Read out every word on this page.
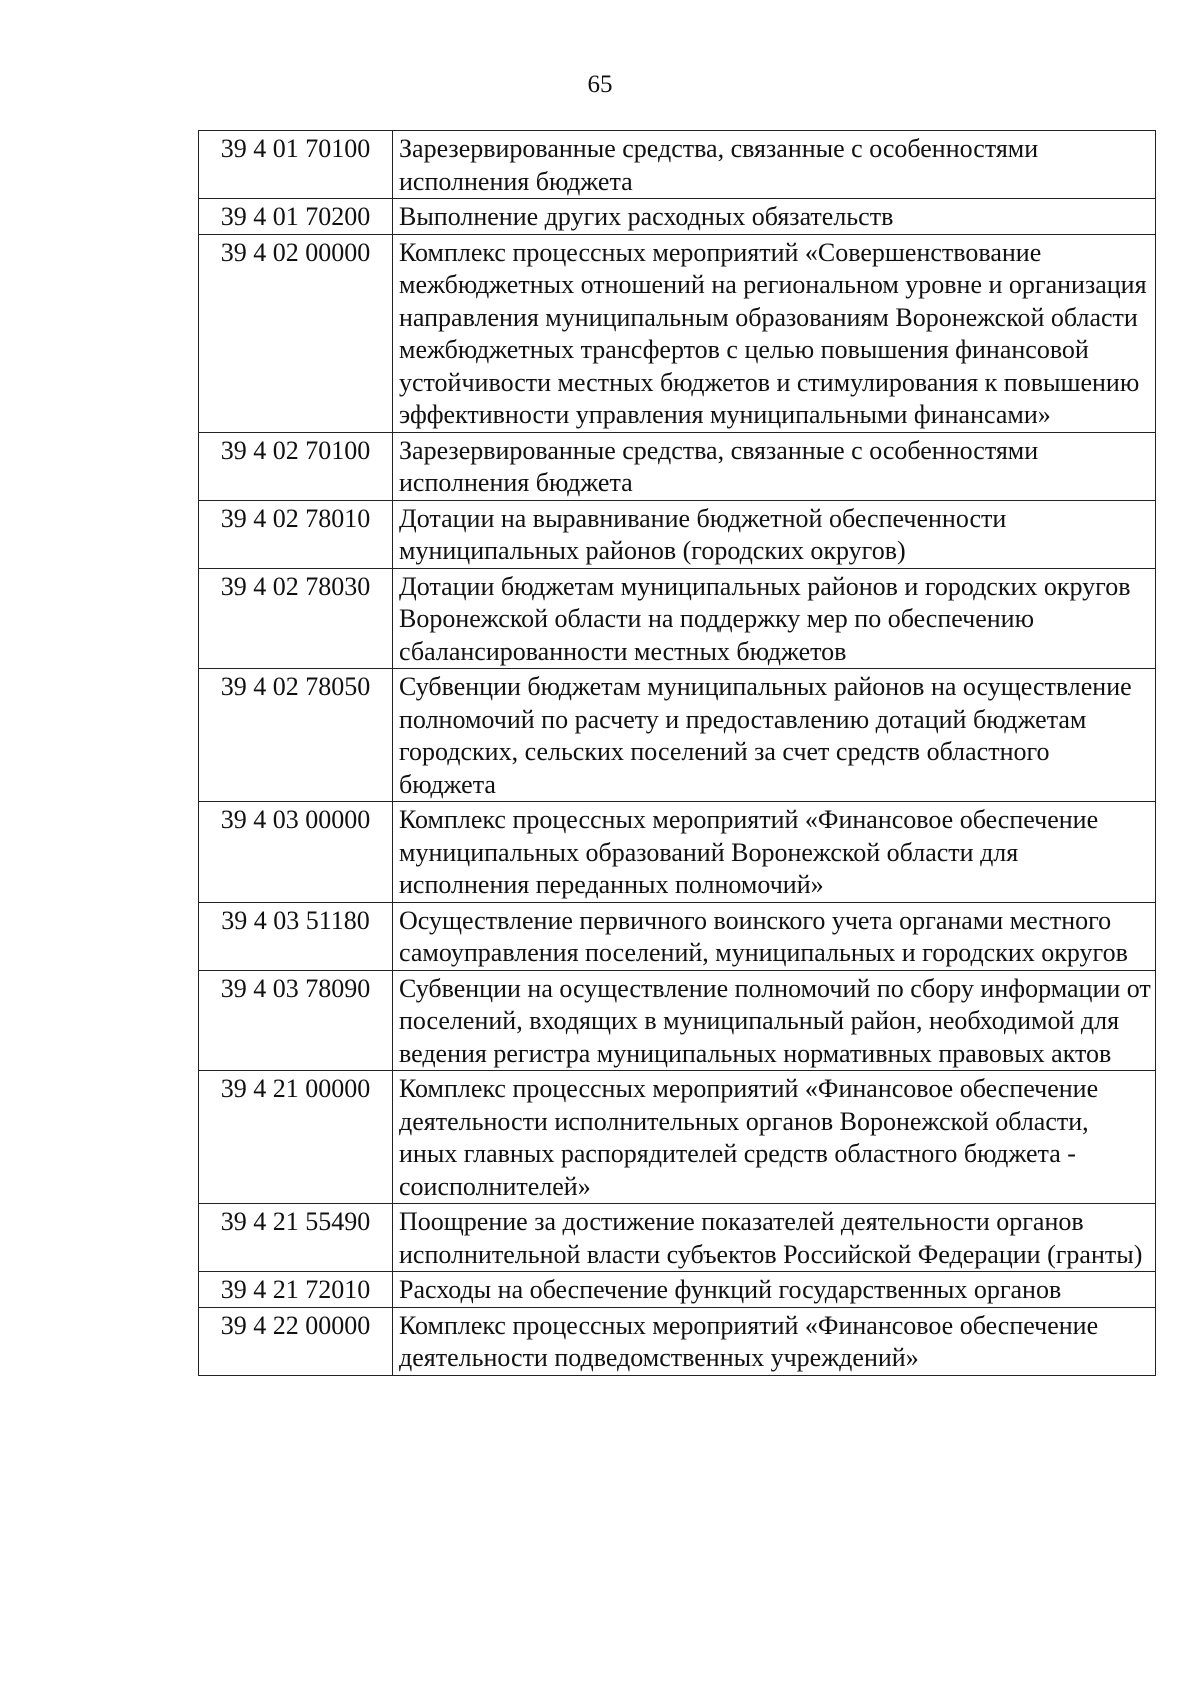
65
39 4 01 70100	Зарезервированные средства, связанные с особенностями исполнения бюджета
39 4 01 70200	Выполнение других расходных обязательств
39 4 02 00000	Комплекс процессных мероприятий «Совершенствование межбюджетных отношений на региональном уровне и организация направления муниципальным образованиям Воронежской области межбюджетных трансфертов с целью повышения финансовой устойчивости местных бюджетов и стимулирования к повышению эффективности управления муниципальными финансами»
39 4 02 70100	Зарезервированные средства, связанные с особенностями исполнения бюджета
39 4 02 78010	Дотации на выравнивание бюджетной обеспеченности муниципальных районов (городских округов)
39 4 02 78030	Дотации бюджетам муниципальных районов и городских округов Воронежской области на поддержку мер по обеспечению сбалансированности местных бюджетов
39 4 02 78050	Субвенции бюджетам муниципальных районов на осуществление полномочий по расчету и предоставлению дотаций бюджетам городских, сельских поселений за счет средств областного бюджета
39 4 03 00000	Комплекс процессных мероприятий «Финансовое обеспечение муниципальных образований Воронежской области для исполнения переданных полномочий»
39 4 03 51180	Осуществление первичного воинского учета органами местного самоуправления поселений, муниципальных и городских округов
39 4 03 78090	Субвенции на осуществление полномочий по сбору информации от поселений, входящих в муниципальный район, необходимой для ведения регистра муниципальных нормативных правовых актов
39 4 21 00000	Комплекс процессных мероприятий «Финансовое обеспечение деятельности исполнительных органов Воронежской области, иных главных распорядителей средств областного бюджета - соисполнителей»
39 4 21 55490	Поощрение за достижение показателей деятельности органов исполнительной власти субъектов Российской Федерации (гранты)
39 4 21 72010	Расходы на обеспечение функций государственных органов
39 4 22 00000	Комплекс процессных мероприятий «Финансовое обеспечение деятельности подведомственных учреждений»
